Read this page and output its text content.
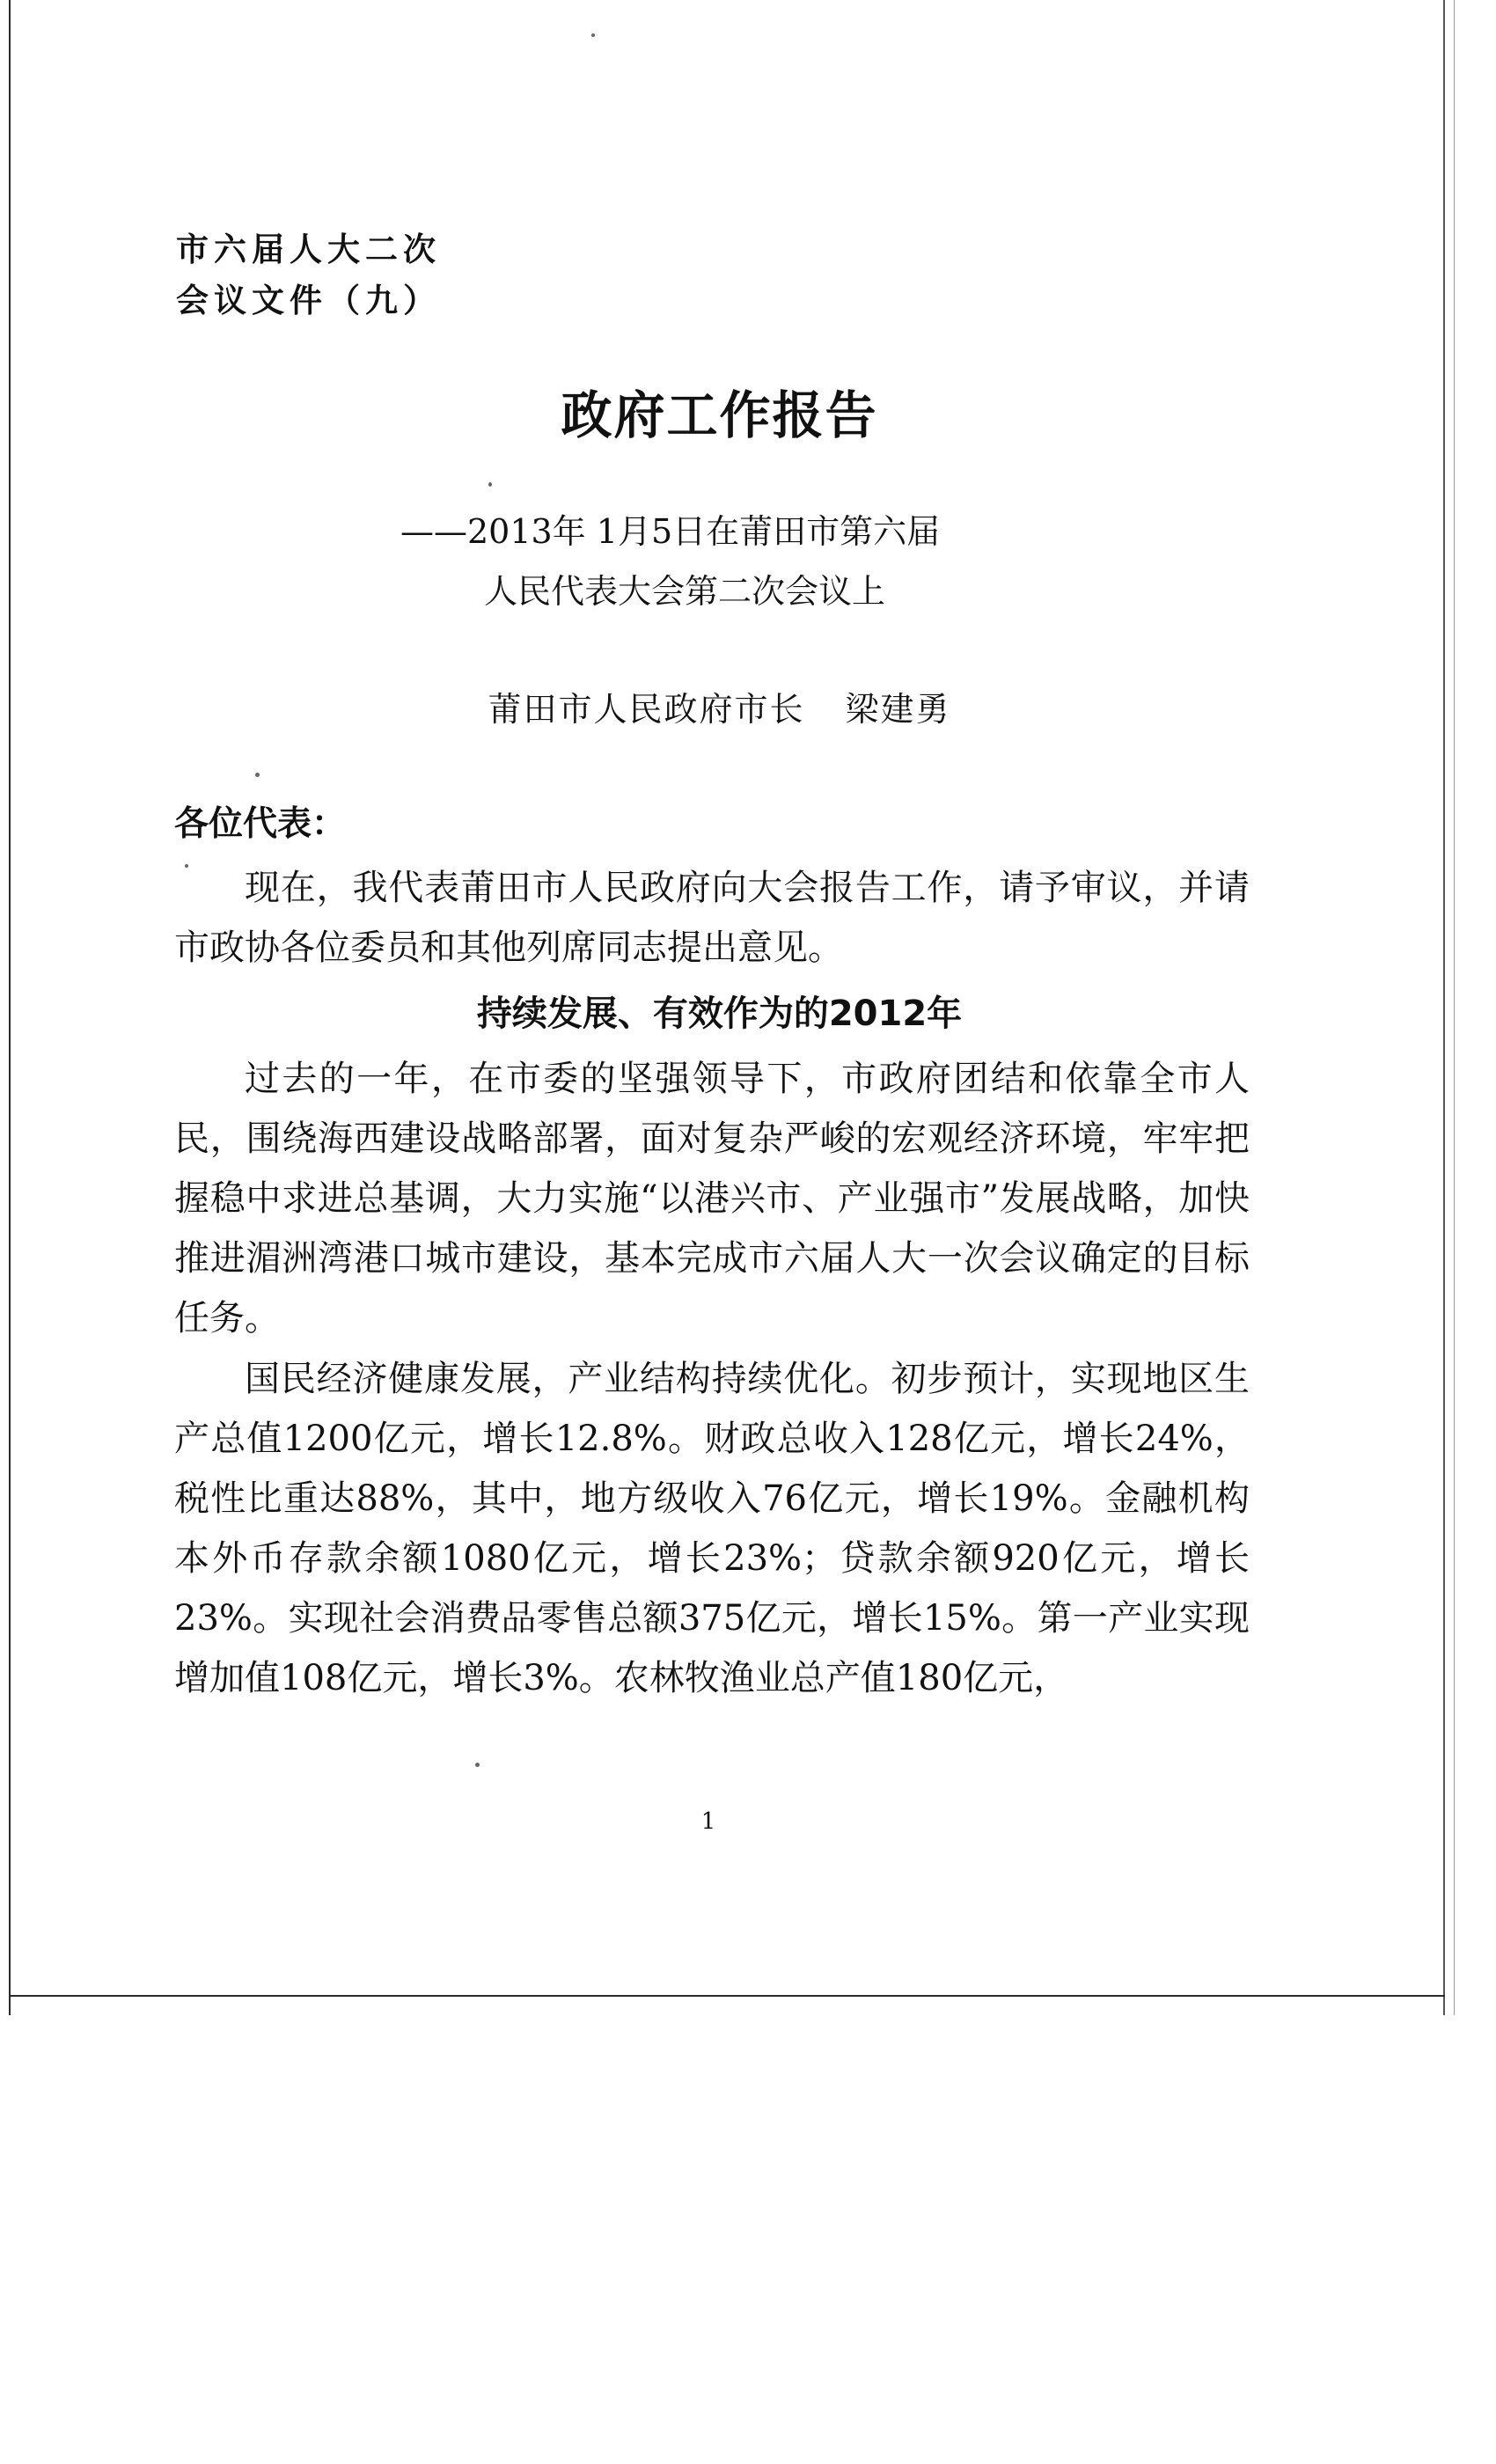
市六届人大二次
会议文件（九）
政府工作报告
——2013年 1月5日在莆田市第六届
人民代表大会第二次会议上
莆田市人民政府市长 梁建勇
各位代表：

现在，我代表莆田市人民政府向大会报告工作，请予审议，并请市政协各位委员和其他列席同志提出意见。

持续发展、有效作为的2012年

过去的一年，在市委的坚强领导下，市政府团结和依靠全市人民，围绕海西建设战略部署，面对复杂严峻的宏观经济环境，牢牢把握稳中求进总基调，大力实施“以港兴市、产业强市”发展战略，加快推进湄洲湾港口城市建设，基本完成市六届人大一次会议确定的目标任务。

国民经济健康发展，产业结构持续优化。初步预计，实现地区生产总值1200亿元，增长12.8%。财政总收入128亿元，增长24%，税性比重达88%，其中，地方级收入76亿元，增长19%。金融机构本外币存款余额1080亿元，增长23%；贷款余额920亿元，增长23%。实现社会消费品零售总额375亿元，增长15%。第一产业实现增加值108亿元，增长3%。农林牧渔业总产值180亿元，

1
